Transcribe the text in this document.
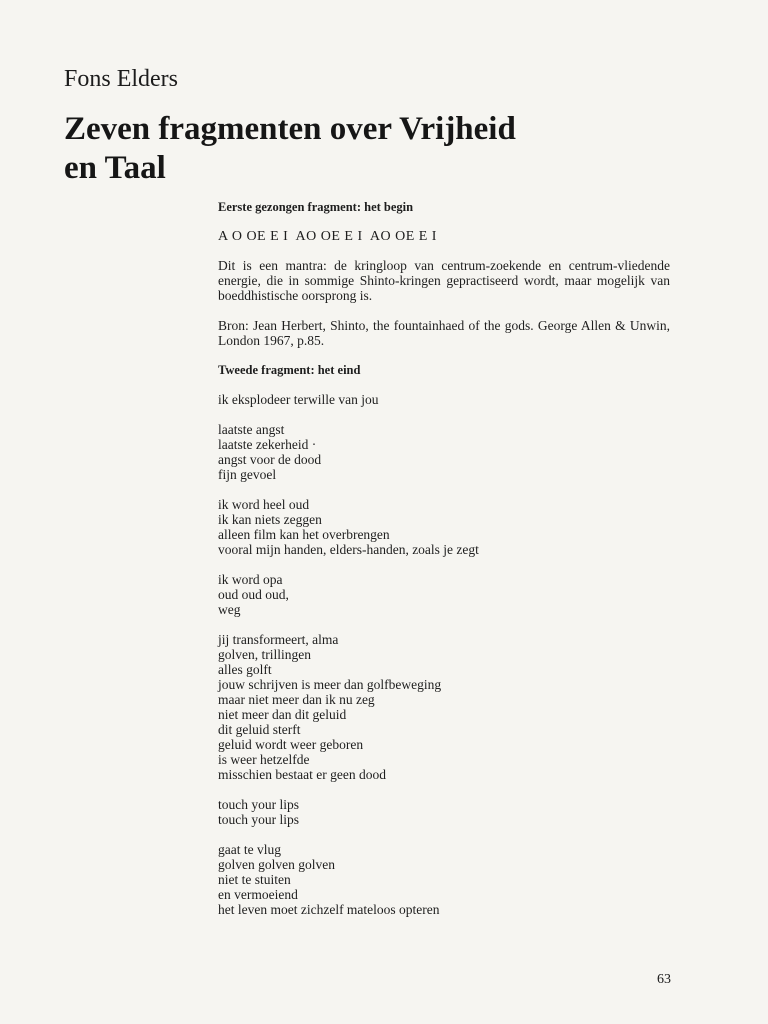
Fons Elders
Zeven fragmenten over Vrijheid
en Taal
Eerste gezongen fragment: het begin
A O OE E I  AO OE E I  AO OE E I

Dit is een mantra: de kringloop van centrum-zoekende en centrum-vliedende energie, die in sommige Shinto-kringen gepractiseerd wordt, maar mogelijk van boeddhistische oorsprong is.

Bron: Jean Herbert, Shinto, the fountainhaed of the gods. George Allen & Unwin, London 1967, p.85.

Tweede fragment: het eind
ik eksplodeer terwille van jou
laatste angst
laatste zekerheid ·
angst voor de dood
fijn gevoel
ik word heel oud
ik kan niets zeggen
alleen film kan het overbrengen
vooral mijn handen, elders-handen, zoals je zegt
ik word opa
oud oud oud,
weg
jij transformeert, alma
golven, trillingen
alles golft
jouw schrijven is meer dan golfbeweging
maar niet meer dan ik nu zeg
niet meer dan dit geluid
dit geluid sterft
geluid wordt weer geboren
is weer hetzelfde
misschien bestaat er geen dood
touch your lips
touch your lips
gaat te vlug
golven golven golven
niet te stuiten
en vermoeiend
het leven moet zichzelf mateloos opteren
63
